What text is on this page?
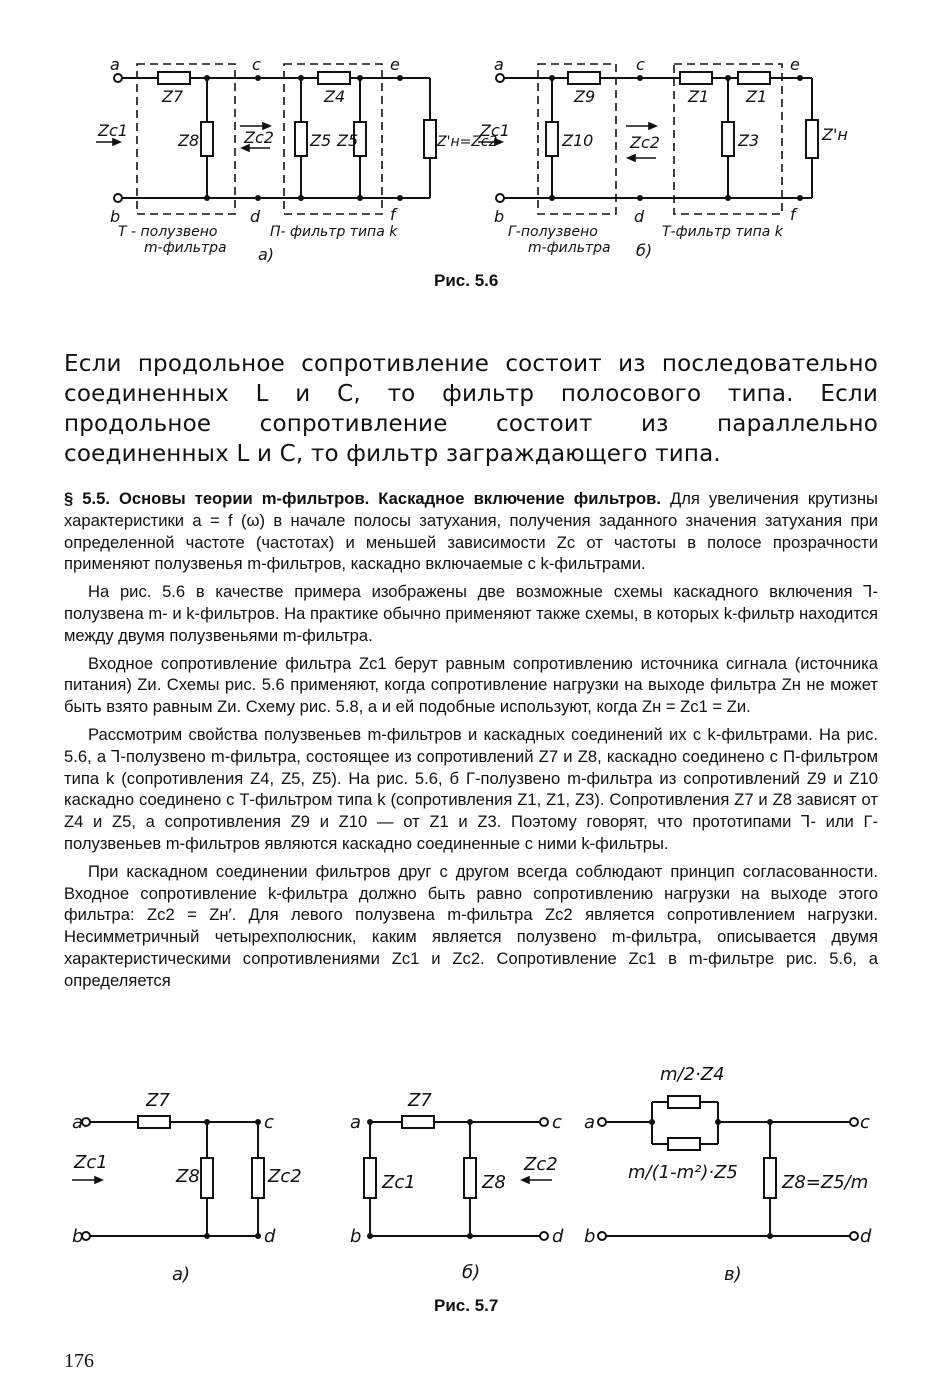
a
b
c
d
e
f
Z7
Z8
Z4
Z5 Z5	Z'н=Zc2
Zc1	Zc2
Т - полузвено
m-фильтра
П- фильтр типа k
а)
a
b
c
d
e
f
Z9
Z10
Z1 Z1
Z3	Z'н
Zc1
Zc2
Г-полузвено
m-фильтра
Т-фильтр типа k
б)
Рис. 5.6

Если продольное сопротивление состоит из последовательно соединенных L и C, то фильтр полосового типа. Если продольное сопротивление состоит из параллельно соединенных L и C, то фильтр заграждающего типа.

§ 5.5. Основы теории m-фильтров. Каскадное включение фильтров. Для увеличения крутизны характеристики a = f (ω) в начале полосы затухания, получения заданного значения затухания при определенной частоте (частотах) и меньшей зависимости Zc от частоты в полосе прозрачности применяют полузвенья m-фильтров, каскадно включаемые с k-фильтрами.

На рис. 5.6 в качестве примера изображены две возможные схемы каскадного включения ꓶ-полузвена m- и k-фильтров. На практике обычно применяют также схемы, в которых k-фильтр находится между двумя полузвеньями m-фильтра.

Входное сопротивление фильтра Zc1 берут равным сопротивлению источника сигнала (источника питания) Zи. Схемы рис. 5.6 применяют, когда сопротивление нагрузки на выходе фильтра Zн не может быть взято равным Zи. Схему рис. 5.8, а и ей подобные используют, когда Zн = Zc1 = Zи.

Рассмотрим свойства полузвеньев m-фильтров и каскадных соединений их с k-фильтрами. На рис. 5.6, а ꓶ-полузвено m-фильтра, состоящее из сопротивлений Z7 и Z8, каскадно соединено с П-фильтром типа k (сопротивления Z4, Z5, Z5). На рис. 5.6, б Г-полузвено m-фильтра из сопротивлений Z9 и Z10 каскадно соединено с Т-фильтром типа k (сопротивления Z1, Z1, Z3). Сопротивления Z7 и Z8 зависят от Z4 и Z5, а сопротивления Z9 и Z10 — от Z1 и Z3. Поэтому говорят, что прототипами ꓶ- или Г-полузвеньев m-фильтров являются каскадно соединенные с ними k-фильтры.

При каскадном соединении фильтров друг с другом всегда соблюдают принцип согласованности. Входное сопротивление k-фильтра должно быть равно сопротивлению нагрузки на выходе этого фильтра: Zc2 = Zн′. Для левого полузвена m-фильтра Zc2 является сопротивлением нагрузки. Несимметричный четырехполюсник, каким является полузвено m-фильтра, описывается двумя характеристическими сопротивлениями Zc1 и Zc2. Сопротивление Zc1 в m-фильтре рис. 5.6, а определяется

a
b
c
d
Z7
Z8	Zc2
Zc1
а)
a
b
c
d
Z7
Zc1	Z8
Zc2
б)
a
b
c
d
m/2·Z4
m/(1-m²)·Z5 Z8=Z5/m
в)
Рис. 5.7
176
